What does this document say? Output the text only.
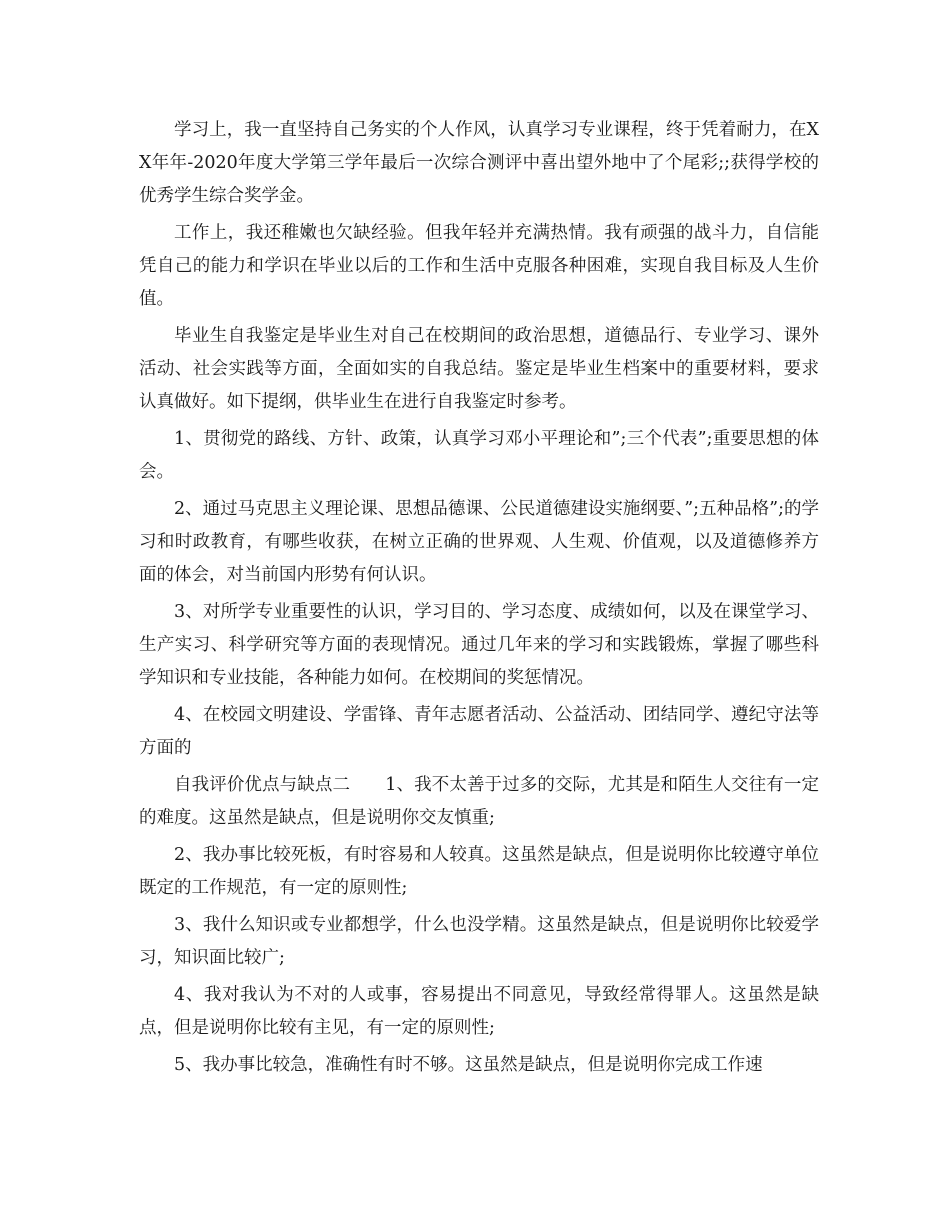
学习上，我一直坚持自己务实的个人作风，认真学习专业课程，终于凭着耐力，在XX年年-2020年度大学第三学年最后一次综合测评中喜出望外地中了个尾彩;;获得学校的优秀学生综合奖学金。

工作上，我还稚嫩也欠缺经验。但我年轻并充满热情。我有顽强的战斗力，自信能凭自己的能力和学识在毕业以后的工作和生活中克服各种困难，实现自我目标及人生价值。

毕业生自我鉴定是毕业生对自己在校期间的政治思想，道德品行、专业学习、课外活动、社会实践等方面，全面如实的自我总结。鉴定是毕业生档案中的重要材料，要求认真做好。如下提纲，供毕业生在进行自我鉴定时参考。

1、贯彻党的路线、方针、政策，认真学习邓小平理论和”;三个代表”;重要思想的体会。

2、通过马克思主义理论课、思想品德课、公民道德建设实施纲要、”;五种品格”;的学习和时政教育，有哪些收获，在树立正确的世界观、人生观、价值观，以及道德修养方面的体会，对当前国内形势有何认识。

3、对所学专业重要性的认识，学习目的、学习态度、成绩如何，以及在课堂学习、生产实习、科学研究等方面的表现情况。通过几年来的学习和实践锻炼，掌握了哪些科学知识和专业技能，各种能力如何。在校期间的奖惩情况。

4、在校园文明建设、学雷锋、青年志愿者活动、公益活动、团结同学、遵纪守法等方面的

自我评价优点与缺点二　　1、我不太善于过多的交际，尤其是和陌生人交往有一定的难度。这虽然是缺点，但是说明你交友慎重;

2、我办事比较死板，有时容易和人较真。这虽然是缺点，但是说明你比较遵守单位既定的工作规范，有一定的原则性;

3、我什么知识或专业都想学，什么也没学精。这虽然是缺点，但是说明你比较爱学习，知识面比较广;

4、我对我认为不对的人或事，容易提出不同意见，导致经常得罪人。这虽然是缺点，但是说明你比较有主见，有一定的原则性;

5、我办事比较急，准确性有时不够。这虽然是缺点，但是说明你完成工作速
